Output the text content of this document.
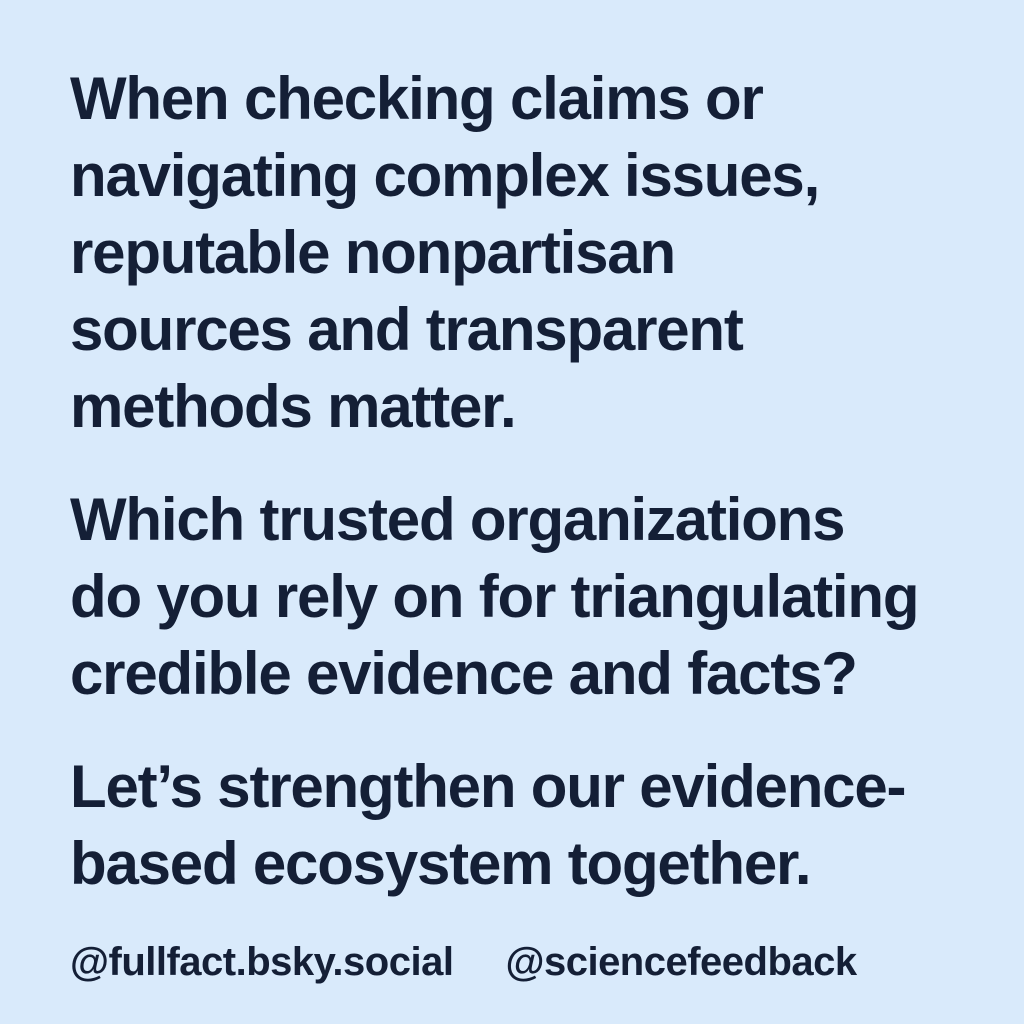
When checking claims or
navigating complex issues,
reputable nonpartisan
sources and transparent
methods matter.
Which trusted organizations
do you rely on for triangulating
credible evidence and facts?
Let’s strengthen our evidence-
based ecosystem together.
@fullfact.bsky.social @sciencefeedback
